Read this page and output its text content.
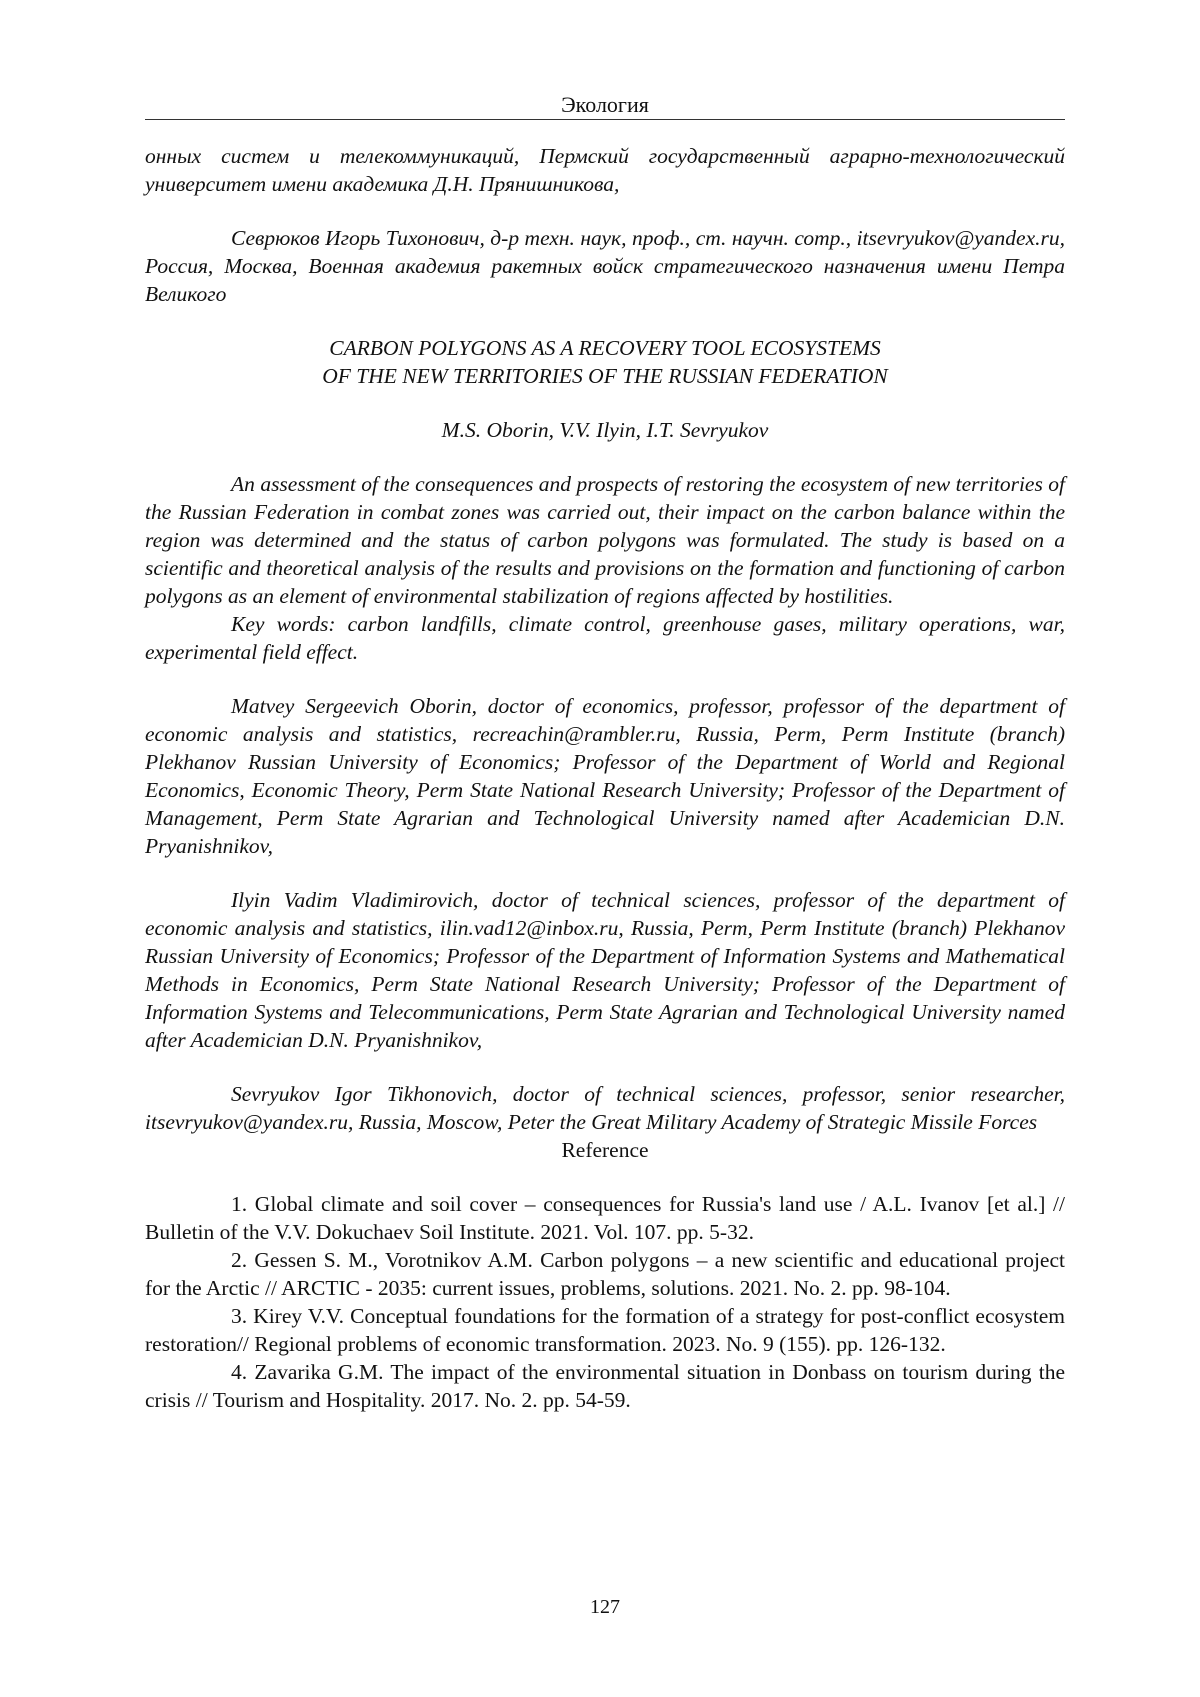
Экология

онных систем и телекоммуникаций, Пермский государственный аграрно-технологический университет имени академика Д.Н. Прянишникова,

Севрюков Игорь Тихонович, д-р техн. наук, проф., ст. научн. сотр., itsevryukov@yandex.ru, Россия, Москва, Военная академия ракетных войск стратегического назначения имени Петра Великого

CARBON POLYGONS AS A RECOVERY TOOL ECOSYSTEMS

OF THE NEW TERRITORIES OF THE RUSSIAN FEDERATION

M.S. Oborin, V.V. Ilyin, I.T. Sevryukov

An assessment of the consequences and prospects of restoring the ecosystem of new territories of the Russian Federation in combat zones was carried out, their impact on the carbon balance within the region was determined and the status of carbon polygons was formulated. The study is based on a scientific and theoretical analysis of the results and provisions on the formation and functioning of carbon polygons as an element of environmental stabilization of regions affected by hostilities.

Key words: carbon landfills, climate control, greenhouse gases, military operations, war, experimental field effect.

Matvey Sergeevich Oborin, doctor of economics, professor, professor of the department of economic analysis and statistics, recreachin@rambler.ru, Russia, Perm, Perm Institute (branch) Plekhanov Russian University of Economics; Professor of the Department of World and Regional Economics, Economic Theory, Perm State National Research University; Professor of the Department of Management, Perm State Agrarian and Technological University named after Academician D.N. Pryanishnikov,

Ilyin Vadim Vladimirovich, doctor of technical sciences, professor of the department of economic analysis and statistics, ilin.vad12@inbox.ru, Russia, Perm, Perm Institute (branch) Plekhanov Russian University of Economics; Professor of the Department of Information Systems and Mathematical Methods in Economics, Perm State National Research University; Professor of the Department of Information Systems and Telecommunications, Perm State Agrarian and Technological University named after Academician D.N. Pryanishnikov,

Sevryukov Igor Tikhonovich, doctor of technical sciences, professor, senior researcher, itsevryukov@yandex.ru, Russia, Moscow, Peter the Great Military Academy of Strategic Missile Forces

Reference

1. Global climate and soil cover – consequences for Russia's land use / A.L. Ivanov [et al.] // Bulletin of the V.V. Dokuchaev Soil Institute. 2021. Vol. 107. pp. 5-32.

2. Gessen S. M., Vorotnikov A.M. Carbon polygons – a new scientific and educational project for the Arctic // ARCTIC - 2035: current issues, problems, solutions. 2021. No. 2. pp. 98-104.

3. Kirey V.V. Conceptual foundations for the formation of a strategy for post-conflict ecosystem restoration// Regional problems of economic transformation. 2023. No. 9 (155). pp. 126-132.

4. Zavarika G.M. The impact of the environmental situation in Donbass on tourism during the crisis // Tourism and Hospitality. 2017. No. 2. pp. 54-59.

127
